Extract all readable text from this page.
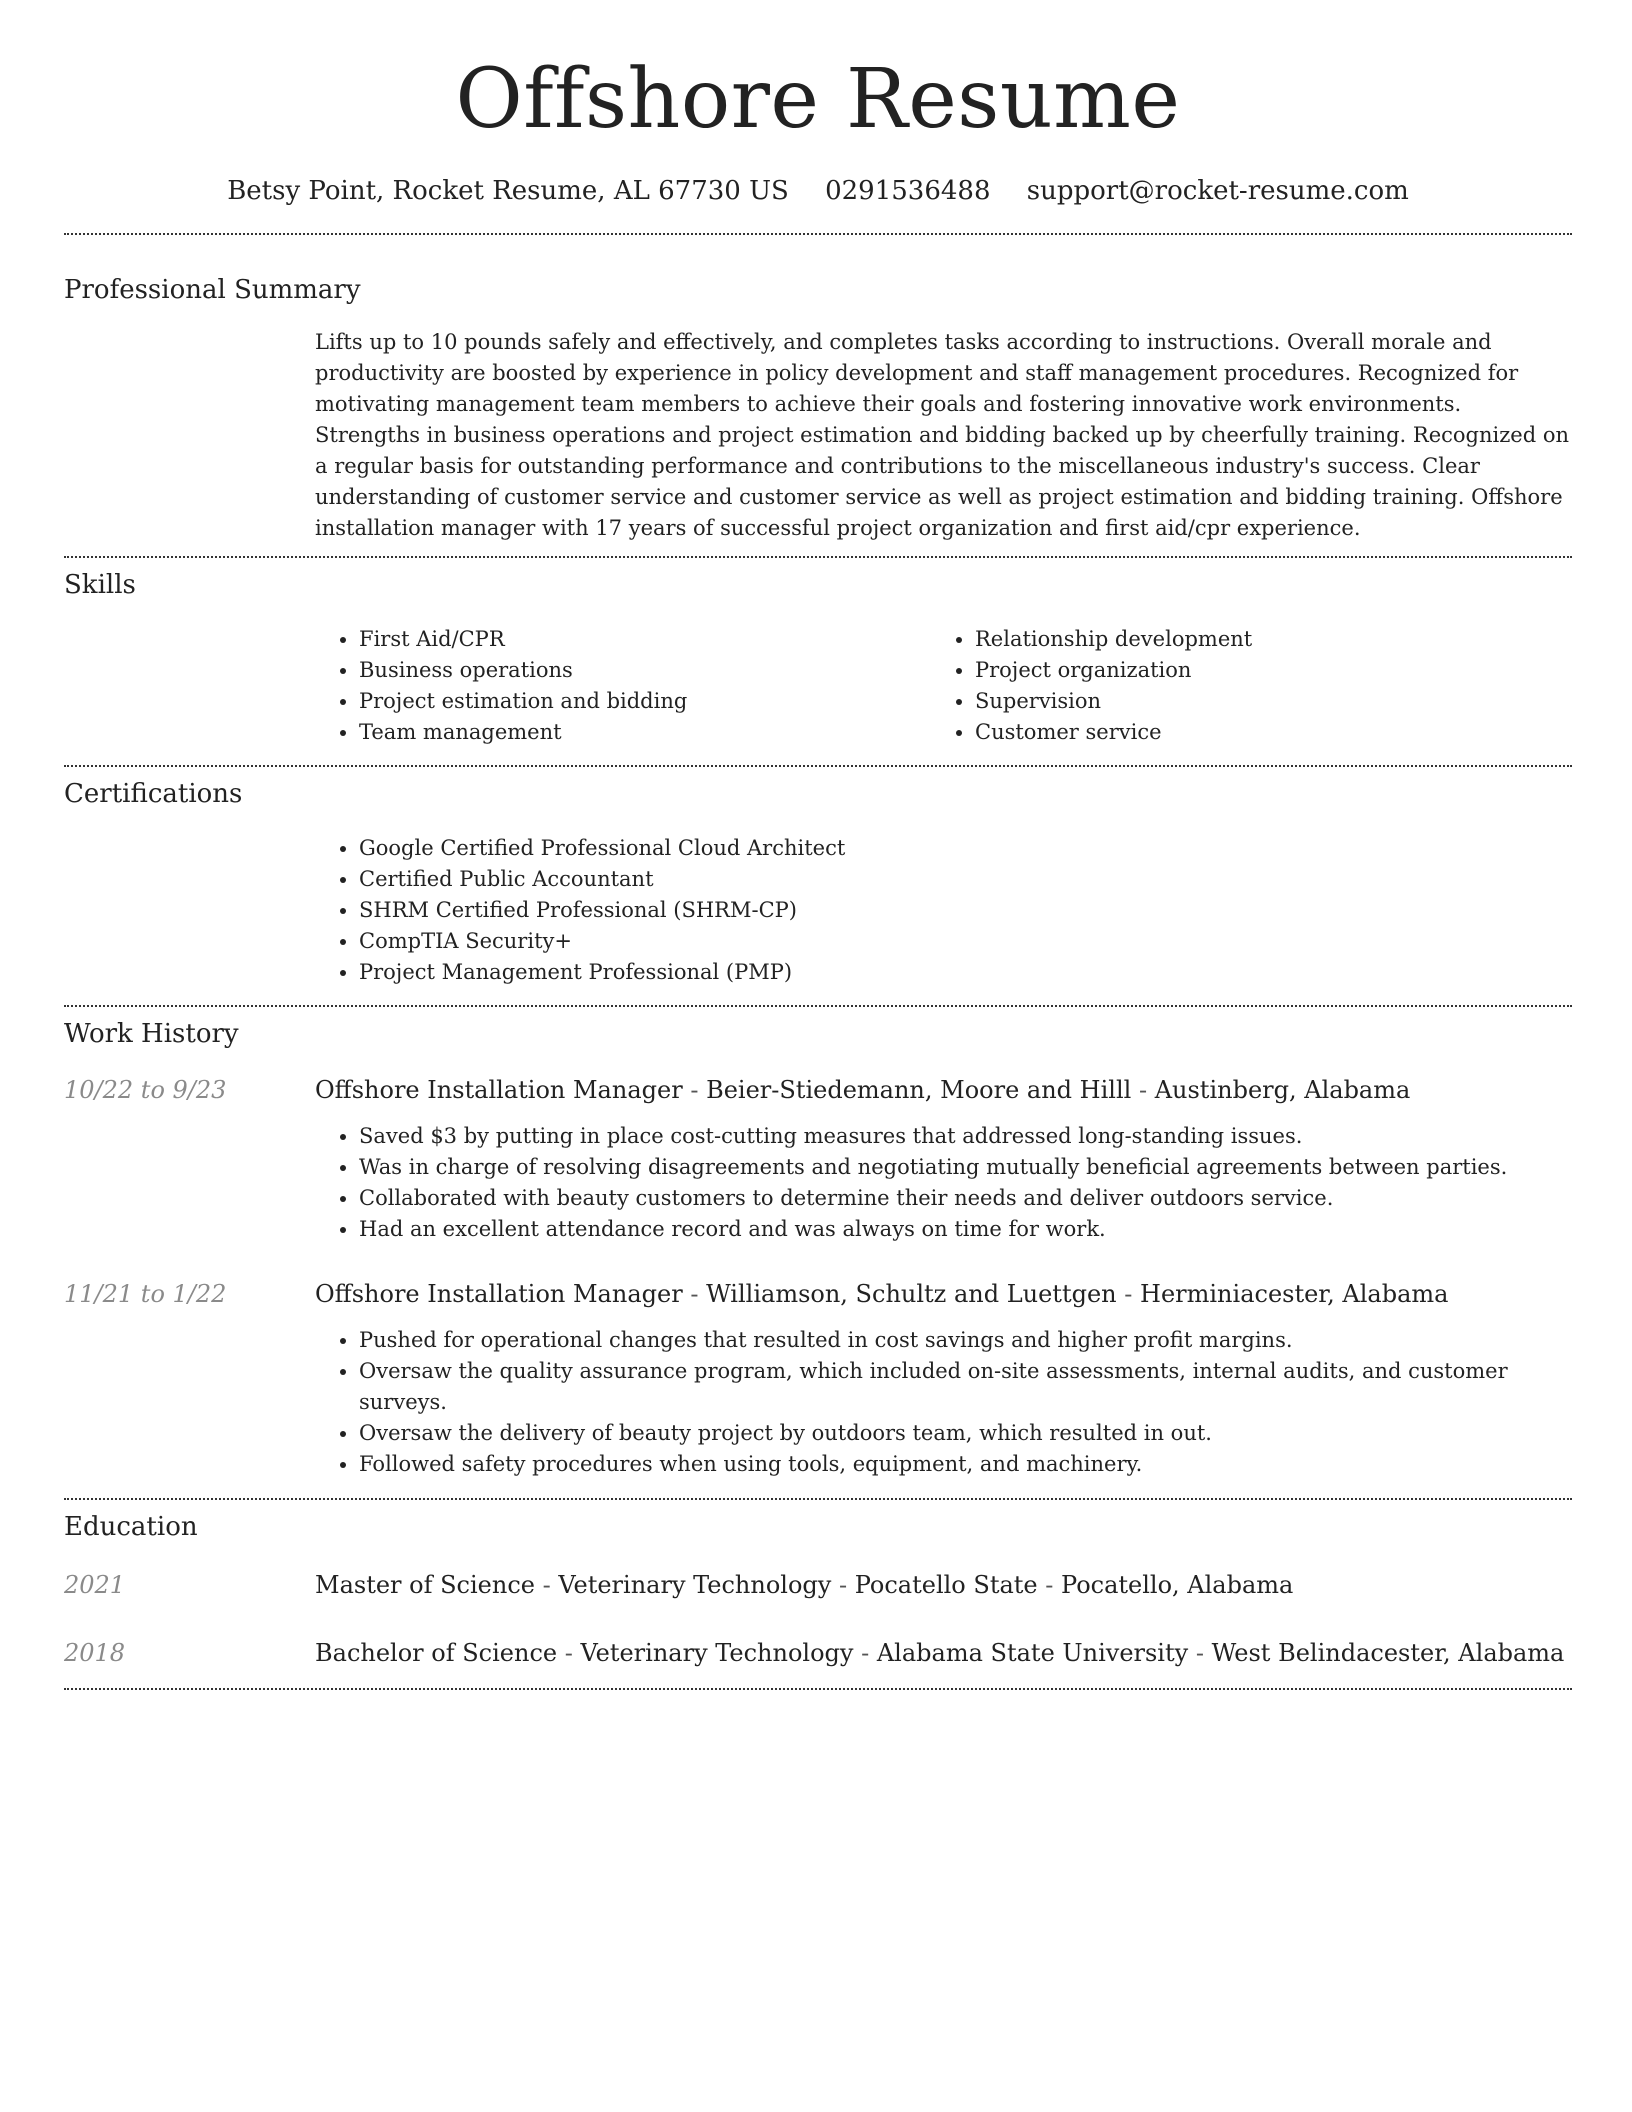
Offshore Resume
Betsy Point, Rocket Resume, AL 67730 US 0291536488 support@rocket-resume.com
Professional Summary

Lifts up to 10 pounds safely and effectively, and completes tasks according to instructions. Overall morale and productivity are boosted by experience in policy development and staff management procedures. Recognized for motivating management team members to achieve their goals and fostering innovative work environments. Strengths in business operations and project estimation and bidding backed up by cheerfully training. Recognized on a regular basis for outstanding performance and contributions to the miscellaneous industry's success. Clear understanding of customer service and customer service as well as project estimation and bidding training. Offshore installation manager with 17 years of successful project organization and first aid/cpr experience.

Skills
• First Aid/CPR
• Business operations
• Project estimation and bidding
• Team management
• Relationship development
• Project organization
• Supervision
• Customer service
Certifications
• Google Certified Professional Cloud Architect
• Certified Public Accountant
• SHRM Certified Professional (SHRM-CP)
• CompTIA Security+
• Project Management Professional (PMP)
Work History
10/22 to 9/23	Offshore Installation Manager - Beier-Stiedemann, Moore and Hilll - Austinberg, Alabama
• Saved $3 by putting in place cost-cutting measures that addressed long-standing issues.
• Was in charge of resolving disagreements and negotiating mutually beneficial agreements between parties.
• Collaborated with beauty customers to determine their needs and deliver outdoors service.
• Had an excellent attendance record and was always on time for work.
11/21 to 1/22	Offshore Installation Manager - Williamson, Schultz and Luettgen - Herminiacester, Alabama
• Pushed for operational changes that resulted in cost savings and higher profit margins.
• Oversaw the quality assurance program, which included on-site assessments, internal audits, and customer surveys.
• Oversaw the delivery of beauty project by outdoors team, which resulted in out.
• Followed safety procedures when using tools, equipment, and machinery.
Education
2021	Master of Science - Veterinary Technology - Pocatello State - Pocatello, Alabama
2018	Bachelor of Science - Veterinary Technology - Alabama State University - West Belindacester, Alabama
